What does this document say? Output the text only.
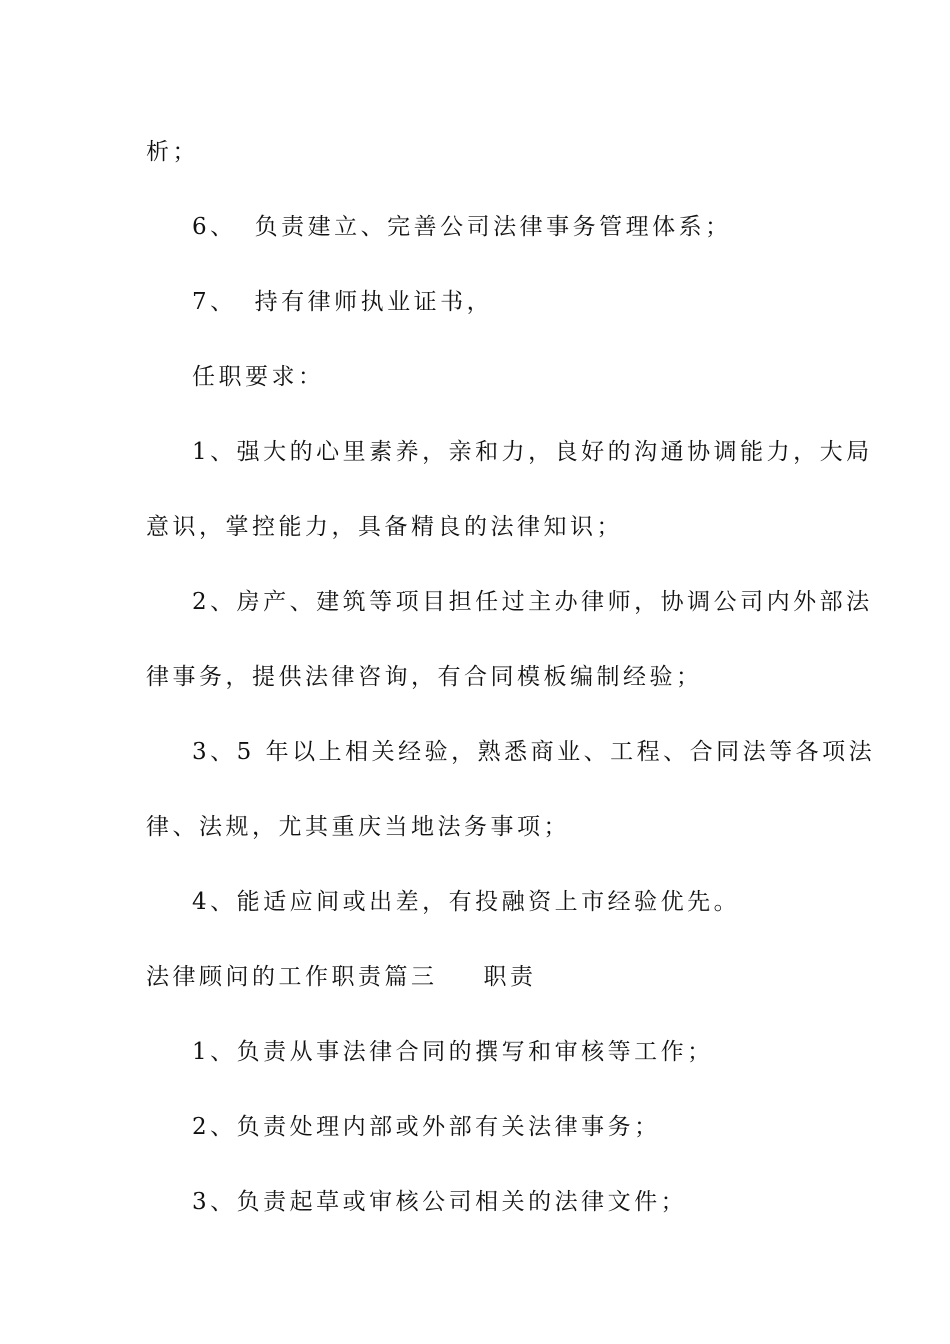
析；
6、 负责建立、完善公司法律事务管理体系；
7、 持有律师执业证书，
任职要求：
1、强大的心里素养，亲和力，良好的沟通协调能力，大局
意识，掌控能力，具备精良的法律知识；
2、房产、建筑等项目担任过主办律师，协调公司内外部法
律事务，提供法律咨询，有合同模板编制经验；
3、5 年以上相关经验，熟悉商业、工程、合同法等各项法
律、法规，尤其重庆当地法务事项；
4、能适应间或出差，有投融资上市经验优先。
法律顾问的工作职责篇三 职责
1、负责从事法律合同的撰写和审核等工作；
2、负责处理内部或外部有关法律事务；
3、负责起草或审核公司相关的法律文件；
